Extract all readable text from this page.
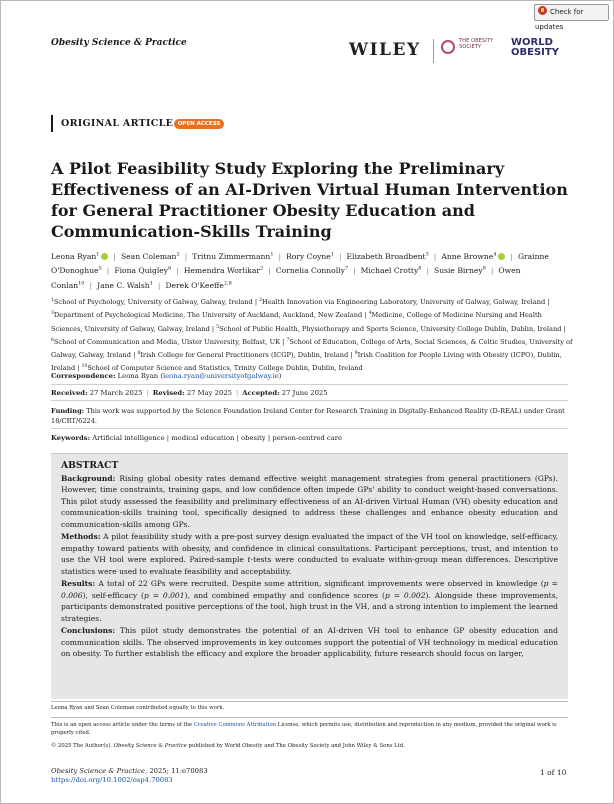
Check for updates
Obesity Science & Practice	WILEY	THE OBESITY SOCIETY	WORLD OBESITY
ORIGINAL ARTICLE OPEN ACCESS
A Pilot Feasibility Study Exploring the Preliminary Effectiveness of an AI-Driven Virtual Human Intervention for General Practitioner Obesity Education and Communication-Skills Training
Leona Ryan$^1$ | Sean Coleman$^2$ | Tritnu Zimmermann$^1$ | Rory Coyne$^1$ | Elizabeth Broadbent$^3$ | Anne Browne$^4$ | Grainne O'Donoghue$^5$ | Fiona Quigley$^6$ | Hemendra Worlikar$^2$ | Cornelia Connolly$^7$ | Michael Crotty$^8$ | Susie Birney$^9$ | Owen Conlan$^{10}$ | Jane C. Walsh$^1$ | Derek O'Keeffe$^{2,8}$
$^1$School of Psychology, University of Galway, Galway, Ireland | $^2$Health Innovation via Engineering Laboratory, University of Galway, Galway, Ireland | $^3$Department of Psychological Medicine, The University of Auckland, Auckland, New Zealand | $^4$Medicine, College of Medicine Nursing and Health Sciences, University of Galway, Galway, Ireland | $^5$School of Public Health, Physiotherapy and Sports Science, University College Dublin, Dublin, Ireland | $^6$School of Communication and Media, Ulster University, Belfast, UK | $^7$School of Education, College of Arts, Social Sciences, & Celtic Studies, University of Galway, Galway, Ireland | $^8$Irish College for General Practitioners (ICGP), Dublin, Ireland | $^9$Irish Coalition for People Living with Obesity (ICPO), Dublin, Ireland | $^{10}$School of Computer Science and Statistics, Trinity College Dublin, Dublin, Ireland
Correspondence: Leona Ryan (leona.ryan@universityofgalway.ie)
Received: 27 March 2025 | Revised: 27 May 2025 | Accepted: 27 June 2025
Funding: This work was supported by the Science Foundation Ireland Center for Research Training in Digitally-Enhanced Reality (D-REAL) under Grant 18/CRT/6224.
Keywords: Artificial intelligence | medical education | obesity | person-centred care
ABSTRACT

Background: Rising global obesity rates demand effective weight management strategies from general practitioners (GPs). However, time constraints, training gaps, and low confidence often impede GPs' ability to conduct weight-based conversations. This pilot study assessed the feasibility and preliminary effectiveness of an AI-driven Virtual Human (VH) obesity education and communication-skills training tool, specifically designed to address these challenges and enhance obesity education and communication-skills among GPs.

Methods: A pilot feasibility study with a pre-post survey design evaluated the impact of the VH tool on knowledge, self-efficacy, empathy toward patients with obesity, and confidence in clinical consultations. Participant perceptions, trust, and intention to use the VH tool were explored. Paired-sample t-tests were conducted to evaluate within-group mean differences. Descriptive statistics were used to evaluate feasibility and acceptability.

Results: A total of 22 GPs were recruited. Despite some attrition, significant improvements were observed in knowledge (p = 0.006), self-efficacy (p = 0.001), and combined empathy and confidence scores (p = 0.002). Alongside these improvements, participants demonstrated positive perceptions of the tool, high trust in the VH, and a strong intention to implement the learned strategies.

Conclusions: This pilot study demonstrates the potential of an AI-driven VH tool to enhance GP obesity education and communication skills. The observed improvements in key outcomes support the potential of VH technology in medical education on obesity. To further establish the efficacy and explore the broader applicability, future research should focus on larger,

Leona Ryan and Sean Coleman contributed equally to this work.
This is an open access article under the terms of the Creative Commons Attribution License, which permits use, distribution and reproduction in any medium, provided the original work is properly cited.
© 2025 The Author(s). Obesity Science & Practice published by World Obesity and The Obesity Society and John Wiley & Sons Ltd.
Obesity Science & Practice, 2025; 11:e70083
https://doi.org/10.1002/osp4.70083
1 of 10
